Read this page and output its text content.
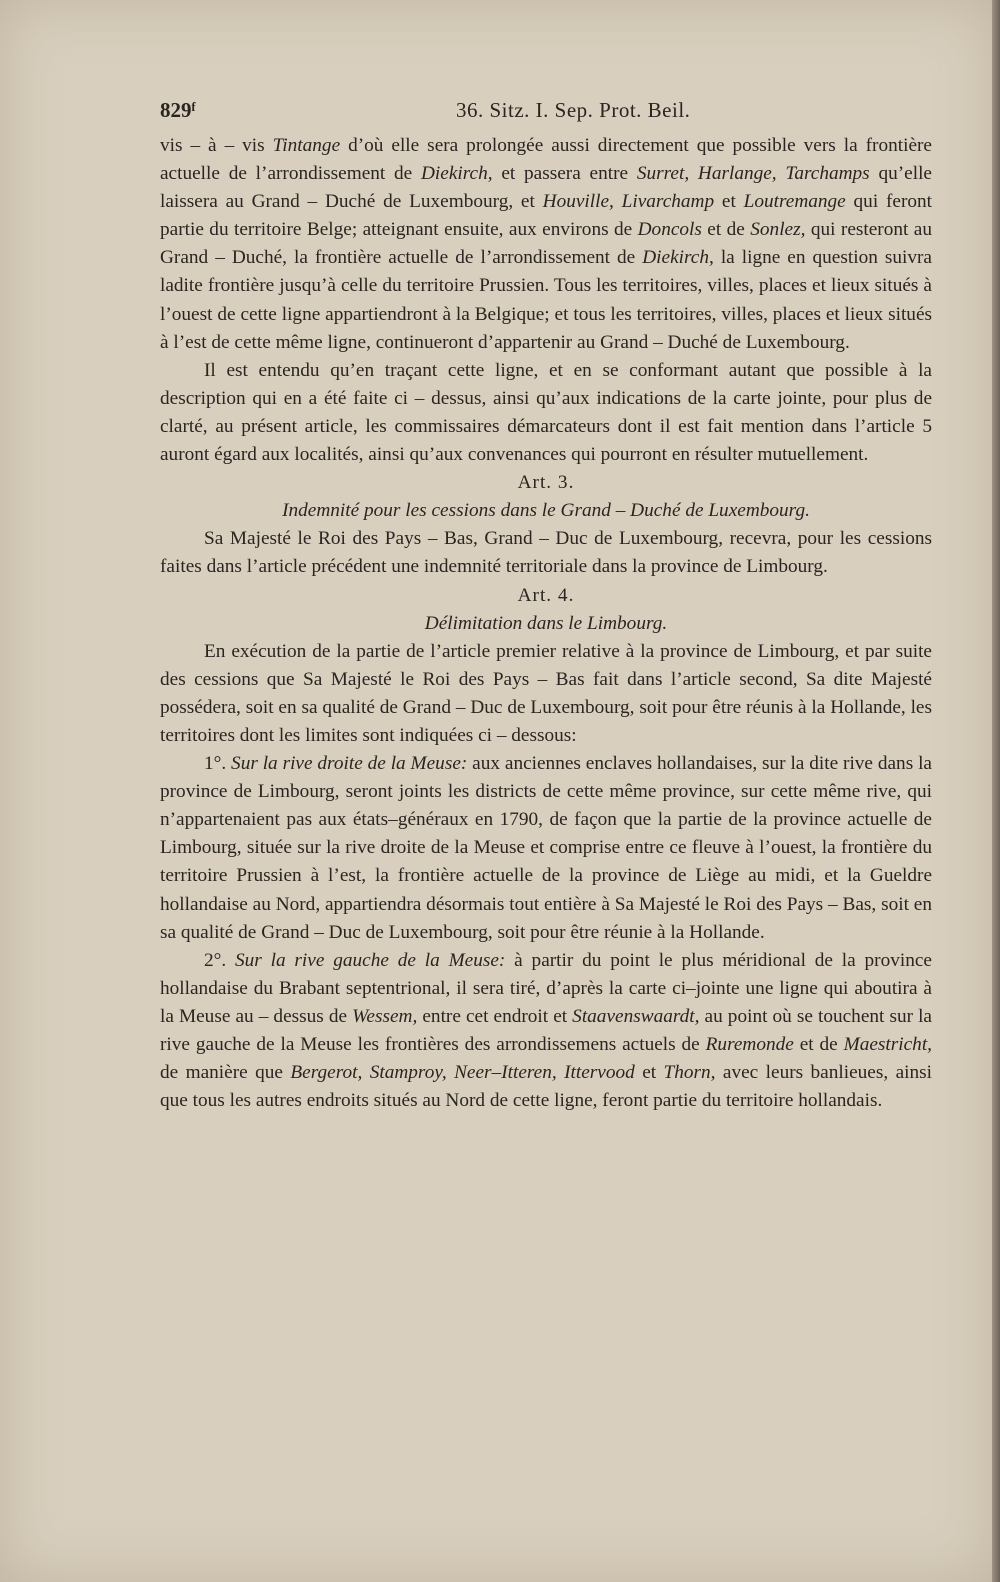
829ᶠ	36. Sitz. I. Sep. Prot. Beil.

vis – à – vis Tintange d’où elle sera prolongée aussi directement que possible vers la frontière actuelle de l’arrondissement de Diekirch, et passera entre Surret, Harlange, Tarchamps qu’elle laissera au Grand – Duché de Luxembourg, et Houville, Livarchamp et Loutremange qui feront partie du territoire Belge; atteignant ensuite, aux environs de Doncols et de Sonlez, qui resteront au Grand – Duché, la frontière actuelle de l’arrondissement de Diekirch, la ligne en question suivra ladite frontière jusqu’à celle du territoire Prussien. Tous les territoires, villes, places et lieux situés à l’ouest de cette ligne appartiendront à la Belgique; et tous les territoires, villes, places et lieux situés à l’est de cette même ligne, continueront d’appartenir au Grand – Duché de Luxembourg.

Il est entendu qu’en traçant cette ligne, et en se conformant autant que possible à la description qui en a été faite ci – dessus, ainsi qu’aux indications de la carte jointe, pour plus de clarté, au présent article, les commissaires démarcateurs dont il est fait mention dans l’article 5 auront égard aux localités, ainsi qu’aux convenances qui pourront en résulter mutuellement.

Art. 3.

Indemnité pour les cessions dans le Grand – Duché de Luxembourg.

Sa Majesté le Roi des Pays – Bas, Grand – Duc de Luxembourg, recevra, pour les cessions faites dans l’article précédent une indemnité territoriale dans la province de Limbourg.

Art. 4.

Délimitation dans le Limbourg.

En exécution de la partie de l’article premier relative à la province de Limbourg, et par suite des cessions que Sa Majesté le Roi des Pays – Bas fait dans l’article second, Sa dite Majesté possédera, soit en sa qualité de Grand – Duc de Luxembourg, soit pour être réunis à la Hollande, les territoires dont les limites sont indiquées ci – dessous:

1°. Sur la rive droite de la Meuse: aux anciennes enclaves hollandaises, sur la dite rive dans la province de Limbourg, seront joints les districts de cette même province, sur cette même rive, qui n’appartenaient pas aux états–généraux en 1790, de façon que la partie de la province actuelle de Limbourg, située sur la rive droite de la Meuse et comprise entre ce fleuve à l’ouest, la frontière du territoire Prussien à l’est, la frontière actuelle de la province de Liège au midi, et la Gueldre hollandaise au Nord, appartiendra désormais tout entière à Sa Majesté le Roi des Pays – Bas, soit en sa qualité de Grand – Duc de Luxembourg, soit pour être réunie à la Hollande.

2°. Sur la rive gauche de la Meuse: à partir du point le plus méridional de la province hollandaise du Brabant septentrional, il sera tiré, d’après la carte ci–jointe une ligne qui aboutira à la Meuse au – dessus de Wessem, entre cet endroit et Staavenswaardt, au point où se touchent sur la rive gauche de la Meuse les frontières des arrondissemens actuels de Ruremonde et de Maestricht, de manière que Bergerot, Stamproy, Neer–Itteren, Ittervood et Thorn, avec leurs banlieues, ainsi que tous les autres endroits situés au Nord de cette ligne, feront partie du territoire hollandais.
